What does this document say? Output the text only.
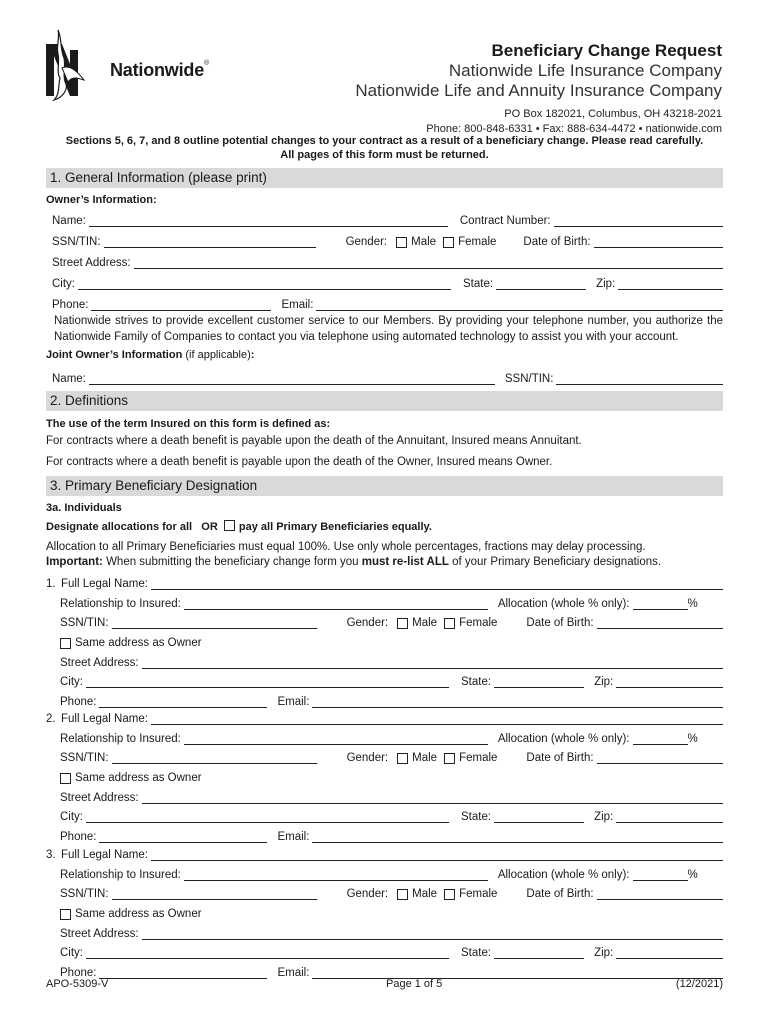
Nationwide®
Beneficiary Change Request
Nationwide Life Insurance Company
Nationwide Life and Annuity Insurance Company
PO Box 182021, Columbus, OH 43218-2021
Phone: 800-848-6331 • Fax: 888-634-4472 • nationwide.com
Sections 5, 6, 7, and 8 outline potential changes to your contract as a result of a beneficiary change. Please read carefully.
All pages of this form must be returned.
1. General Information (please print)
Owner’s Information:
Name:	Contract Number:
SSN/TIN:	Gender:	Male Female Date of Birth:
Street Address:
City:	State:	Zip:
Phone:	Email:
Nationwide strives to provide excellent customer service to our Members. By providing your telephone number, you authorize the Nationwide Family of Companies to contact you via telephone using automated technology to assist you with your account.
Joint Owner’s Information (if applicable):
Name:	SSN/TIN:
2. Definitions
The use of the term Insured on this form is defined as:
For contracts where a death benefit is payable upon the death of the Annuitant, Insured means Annuitant.
For contracts where a death benefit is payable upon the death of the Owner, Insured means Owner.
3. Primary Beneficiary Designation
3a. Individuals
Designate allocations for all OR pay all Primary Beneficiaries equally.
Allocation to all Primary Beneficiaries must equal 100%. Use only whole percentages, fractions may delay processing.
Important: When submitting the beneficiary change form you must re-list ALL of your Primary Beneficiary designations.
1. Full Legal Name:
Relationship to Insured:	Allocation (whole % only):	%
SSN/TIN:	Gender:	Male Female	Date of Birth:
Same address as Owner
Street Address:
City:	State:	Zip:
Phone:	Email:
2. Full Legal Name:
Relationship to Insured:	Allocation (whole % only):	%
SSN/TIN:	Gender:	Male Female	Date of Birth:
Same address as Owner
Street Address:
City:	State:	Zip:
Phone:	Email:
3. Full Legal Name:
Relationship to Insured:	Allocation (whole % only):	%
SSN/TIN:	Gender:	Male Female	Date of Birth:
Same address as Owner
Street Address:
City:	State:	Zip:
Phone:	Email:
APO-5309-V	Page 1 of 5	(12/2021)
